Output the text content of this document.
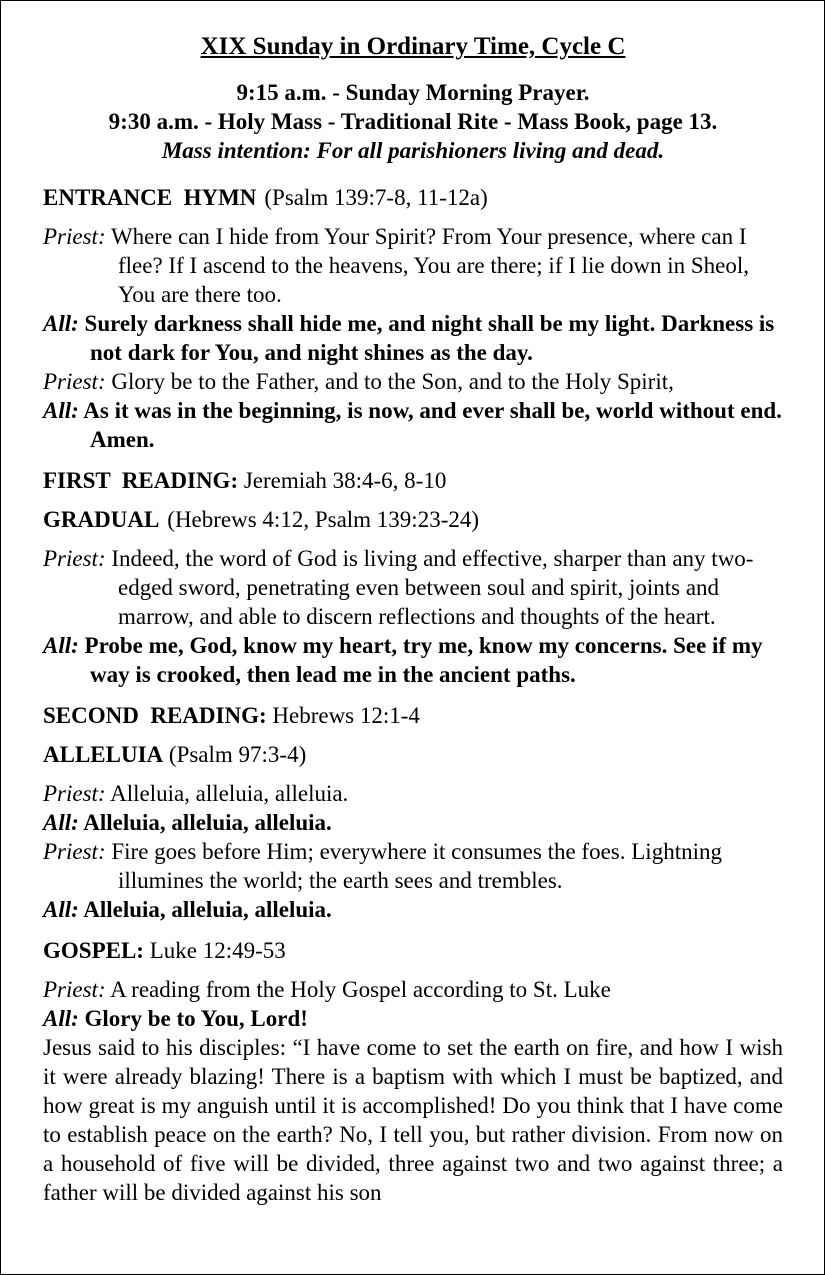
XIX Sunday in Ordinary Time, Cycle C
9:15 a.m. - Sunday Morning Prayer.
9:30 a.m. - Holy Mass - Traditional Rite - Mass Book, page 13.
Mass intention: For all parishioners living and dead.
ENTRANCE  HYMN (Psalm 139:7-8, 11-12a)
Priest: Where can I hide from Your Spirit? From Your presence, where can I flee? If I ascend to the heavens, You are there; if I lie down in Sheol, You are there too.
All: Surely darkness shall hide me, and night shall be my light. Darkness is not dark for You, and night shines as the day.
Priest: Glory be to the Father, and to the Son, and to the Holy Spirit,
All: As it was in the beginning, is now, and ever shall be, world without end. Amen.
FIRST  READING: Jeremiah 38:4-6, 8-10
GRADUAL (Hebrews 4:12, Psalm 139:23-24)
Priest: Indeed, the word of God is living and effective, sharper than any two-edged sword, penetrating even between soul and spirit, joints and marrow, and able to discern reflections and thoughts of the heart.
All: Probe me, God, know my heart, try me, know my concerns. See if my way is crooked, then lead me in the ancient paths.
SECOND  READING: Hebrews 12:1-4
ALLELUIA (Psalm 97:3-4)
Priest: Alleluia, alleluia, alleluia.
All: Alleluia, alleluia, alleluia.
Priest: Fire goes before Him; everywhere it consumes the foes. Lightning illumines the world; the earth sees and trembles.
All: Alleluia, alleluia, alleluia.
GOSPEL: Luke 12:49-53
Priest: A reading from the Holy Gospel according to St. Luke
All: Glory be to You, Lord!
Jesus said to his disciples: “I have come to set the earth on fire, and how I wish it were already blazing! There is a baptism with which I must be baptized, and how great is my anguish until it is accomplished! Do you think that I have come to establish peace on the earth? No, I tell you, but rather division. From now on a household of five will be divided, three against two and two against three; a father will be divided against his son
